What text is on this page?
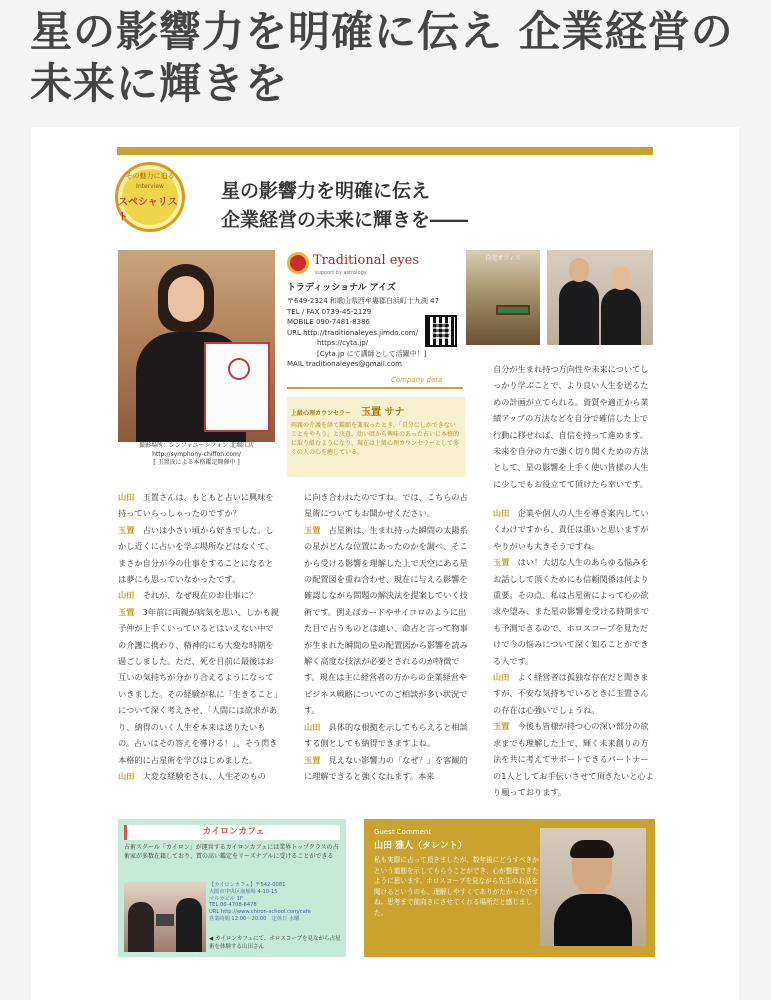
星の影響力を明確に伝え 企業経営の未来に輝きを
その魅力に迫る
Interview
スペシャリスト
星の影響力を明確に伝え
企業経営の未来に輝きを――
撮影場所：シンフォニーシフォン 北堀江店
http://symphony-chiffon.com/
[ 玉置氏による本格鑑定開催中 ]
Traditional eyes
support by astrology
トラディッショナル アイズ
〒649-2324 和歌山県西牟婁郡白浜町十九渕 47
TEL / FAX 0739-45-2129
MOBILE 090-7481-8386
URL http://traditionaleyes.jimdo.com/
https://cyta.jp/
[Cyta.jp にて講師として活躍中！]
MAIL traditionaleyes@gmail.com
Company data
上級心理カウンセラー 玉置 サナ
両親の介護を経て鑑願を兼取ったとき、「自分にしかできないことをやろう」と決意。幼い頃から興味のあった占いに本格的に取り組むようになり、現在は上級心理カウンセラーとして多くの人の心を癒している。
自宅オフィス
自分が生まれ持つ方向性や未来についてしっかり学ぶことで、より良い人生を送るための計画が立てられる。資質や適正から業績アップの方法などを自分で確信した上で行動に移せれば、自信を持って進めます。未来を自分の力で強く切り開くための方法として、星の影響を上手く使い皆様の人生に少しでもお役立てて頂けたら幸いです。

山田　 玉置さんは、もともと占いに興味を持っていらっしゃったのですか？

玉置　 占いは小さい頃から好きでした。しかし近くに占いを学ぶ場所などはなくて、まさか自分が今の仕事をすることになるとは夢にも思っていなかったです。

山田　 それが、なぜ現在のお仕事に？

玉置　 3年前に両親が病気を思い、しかも親子仲が上手くいっているとはいえない中での介護に携わり、精神的にも大変な時期を過ごしました。ただ、死を目前に最後はお互いの気持ちが分かり合えるようになっていきました。その経験が私に「生きること」について深く考えさせ、「人間には欲求があり、納得のいく人生を本来は送りたいもの。占いはその答えを導ける！」。そう閃き本格的に占星術を学びはじめました。

山田　 大変な経験をされ、人生そのもの

に向き合われたのですね。では、こちらの占星術についてもお聞かせください。

玉置　 占星術は、生まれ持った瞬間の太陽系の星がどんな位置にあったのかを調べ、そこから受ける影響を理解した上で天空にある星の配置図を重ね合わせ、現在に与える影響を確認しながら問題の解決法を提案していく技術です。例えばカードやサイコロのように出た目で占うものとは違い、命占と言って物事が生まれた瞬間の星の配置図から影響を読み解く高度な技法が必要とされるのが特徴です。現在は主に経営者の方からの企業経営やビジネス戦略についてのご相談が多い状況です。

山田　 具体的な根拠を示してもらえると相談する側としても納得できますよね。

玉置　 見えない影響力の「なぜ？」を客観的に理解できると強くなれます。本来

山田　 企業や個人の人生を導き案内していくわけですから、責任は重いと思いますがやりがいも大きそうですね。

玉置　 はい！大切な人生のあらゆる悩みをお話しして頂くためにも信頼関係は何より重要。その点、私は占星術によって心の欲求や望み、また星の影響を受ける時期までも予測できるので、ホロスコープを見ただけで今の悩みについて深く知ることができる人です。

山田　 よく経営者は孤独な存在だと聞きますが、不安な気持ちでいるときに玉置さんの存在は心強いでしょうね。

玉置　 今後も皆様が持つ心の深い部分の欲求までも理解した上で、輝く未来創りの方法を共に考えてサポートできるパートナーの1人としてお手伝いさせて頂きたいと心より願っております。

カイロンカフェ
占術スクール「カイロン」が運営するカイロンカフェには業界トップクラスの占術家が多数在籍しており、質の高い鑑定をリーズナブルに受けることができる
【カイロンカフェ】〒542-0081
大阪市中央区南船場 4-10-15
マルカビル 1F
TEL 06-4708-6478
URL http://www.chiron-school.com/cafe
営業時間 12:00～20:00　定休日 水曜
◀ カイロンカフェにて、ホロスコープを見ながら占星術を体験する山田さん
Guest Comment
山田 雅人（タレント）
私も実際に占って頂きましたが、数年後にどうすべきかという道筋を示してもらうことができ、心が整理できたように思います。ホロスコープを見ながら先生のお話を聞けるというのも、理解しやすくてありがたかったですね。思考まで前向きにさせてくれる場所だと感じました。
